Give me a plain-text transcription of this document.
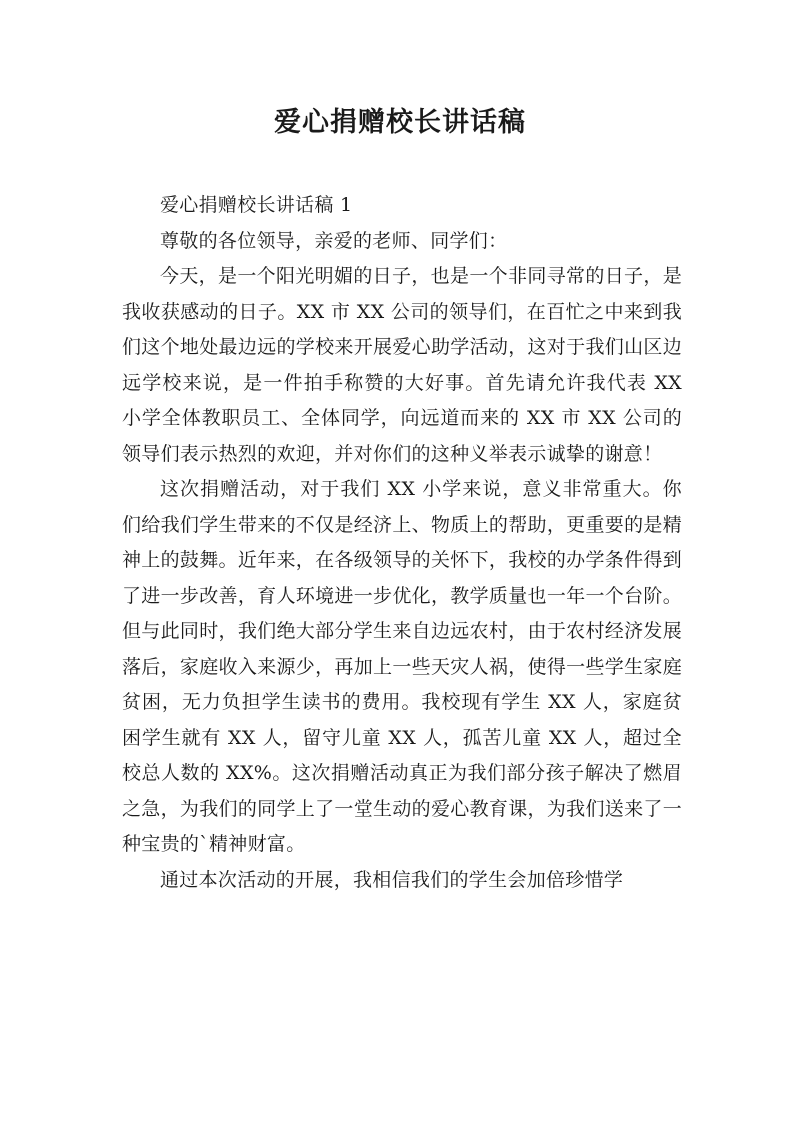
爱心捐赠校长讲话稿

爱心捐赠校长讲话稿 1

尊敬的各位领导，亲爱的老师、同学们：

今天，是一个阳光明媚的日子，也是一个非同寻常的日子，是我收获感动的日子。XX 市 XX 公司的领导们，在百忙之中来到我们这个地处最边远的学校来开展爱心助学活动，这对于我们山区边远学校来说，是一件拍手称赞的大好事。首先请允许我代表 XX 小学全体教职员工、全体同学，向远道而来的 XX 市 XX 公司的领导们表示热烈的欢迎，并对你们的这种义举表示诚挚的谢意！

这次捐赠活动，对于我们 XX 小学来说，意义非常重大。你们给我们学生带来的不仅是经济上、物质上的帮助，更重要的是精神上的鼓舞。近年来，在各级领导的关怀下，我校的办学条件得到了进一步改善，育人环境进一步优化，教学质量也一年一个台阶。但与此同时，我们绝大部分学生来自边远农村，由于农村经济发展落后，家庭收入来源少，再加上一些天灾人祸，使得一些学生家庭贫困，无力负担学生读书的费用。我校现有学生 XX 人，家庭贫困学生就有 XX 人，留守儿童 XX 人，孤苦儿童 XX 人，超过全校总人数的 XX%。这次捐赠活动真正为我们部分孩子解决了燃眉之急，为我们的同学上了一堂生动的爱心教育课，为我们送来了一种宝贵的`精神财富。

通过本次活动的开展，我相信我们的学生会加倍珍惜学
